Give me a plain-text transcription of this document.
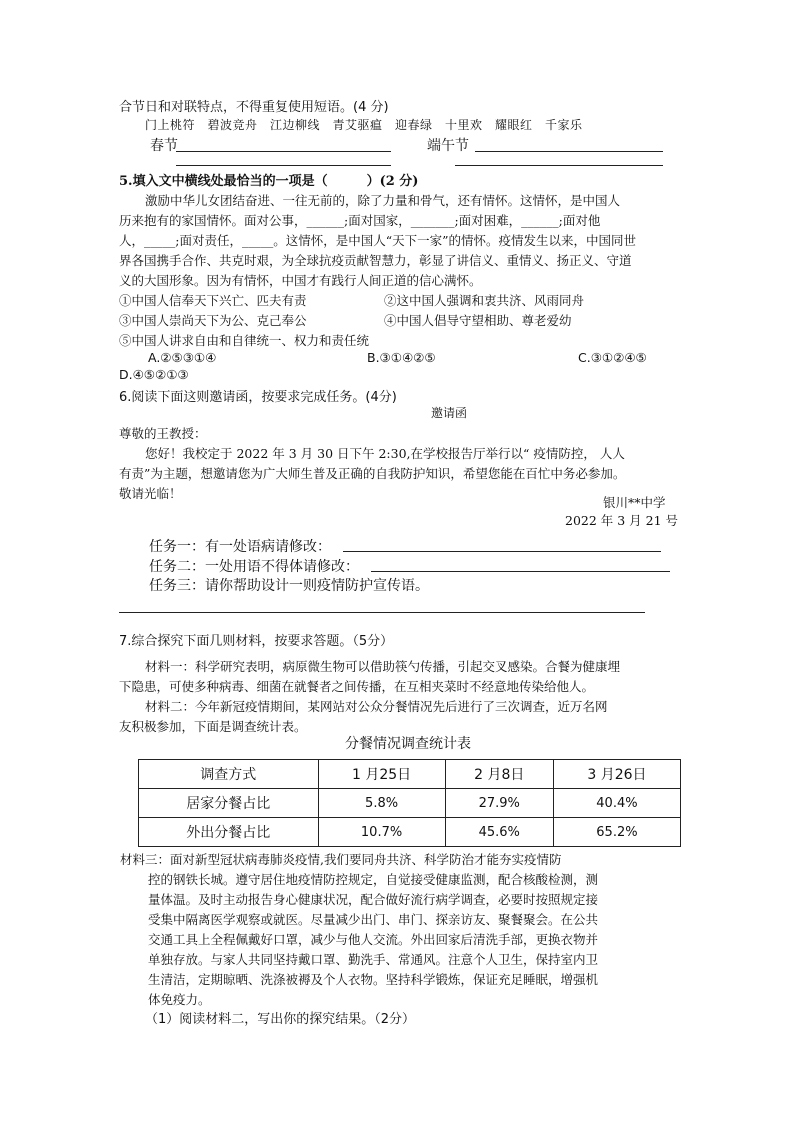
合节日和对联特点，不得重复使用短语。(4 分)
门上桃符　碧波竞舟　江边柳线　青艾驱瘟　迎春绿　十里欢　耀眼红　千家乐
春节	端午节
5.填入文中横线处最恰当的一项是（　　　）(2 分)
激励中华儿女团结奋进、一往无前的，除了力量和骨气，还有情怀。这情怀，是中国人
历来抱有的家国情怀。面对公事，______;面对国家，_______;面对困难，______;面对他
人，_____;面对责任，_____。这情怀，是中国人“天下一家”的情怀。疫情发生以来，中国同世
界各国携手合作、共克时艰，为全球抗疫贡献智慧力，彰显了讲信义、重情义、扬正义、守道
义的大国形象。因为有情怀，中国才有践行人间正道的信心满怀。
①中国人信奉天下兴亡、匹夫有责	②这中国人强调和衷共济、风雨同舟
③中国人崇尚天下为公、克己奉公	④中国人倡导守望相助、尊老爱幼
⑤中国人讲求自由和自律统一、权力和责任统
A.②⑤③①④	B.③①④②⑤	C.③①②④⑤
D.④⑤②①③
6.阅读下面这则邀请函，按要求完成任务。(4分)
邀请函
尊敬的王教授：
您好！我校定于 2022 年 3 月 30 日下午 2:30,在学校报告厅举行以“ 疫情防控， 人人
有责”为主题，想邀请您为广大师生普及正确的自我防护知识，希望您能在百忙中务必参加。
敬请光临！
银川**中学
2022 年 3 月 21 号
任务一：有一处语病请修改：
任务二：一处用语不得体请修改：
任务三：请你帮助设计一则疫情防护宣传语。
7.综合探究下面几则材料，按要求答题。（5分）
材料一：科学研究表明，病原微生物可以借助筷勺传播，引起交叉感染。合餐为健康埋
下隐患，可使多种病毒、细菌在就餐者之间传播，在互相夹菜时不经意地传染给他人。
材料二：今年新冠疫情期间，某网站对公众分餐情况先后进行了三次调查，近万名网
友积极参加，下面是调查统计表。
分餐情况调查统计表
调查方式	1 月25日	2 月8日	3 月26日
居家分餐占比	5.8%	27.9%	40.4%
外出分餐占比	10.7%	45.6%	65.2%
材料三：面对新型冠状病毒肺炎疫情,我们要同舟共济、科学防治才能夯实疫情防
控的钢铁长城。遵守居住地疫情防控规定，自觉接受健康监测，配合核酸检测，测
量体温。及时主动报告身心健康状况，配合做好流行病学调查，必要时按照规定接
受集中隔离医学观察或就医。尽量减少出门、串门、探亲访友、聚餐聚会。在公共
交通工具上全程佩戴好口罩，减少与他人交流。外出回家后清洗手部，更换衣物并
单独存放。与家人共同坚持戴口罩、勤洗手、常通风。注意个人卫生，保持室内卫
生清洁，定期晾晒、洗涤被褥及个人衣物。坚持科学锻炼，保证充足睡眠，增强机
体免疫力。
（1）阅读材料二，写出你的探究结果。（2分）
